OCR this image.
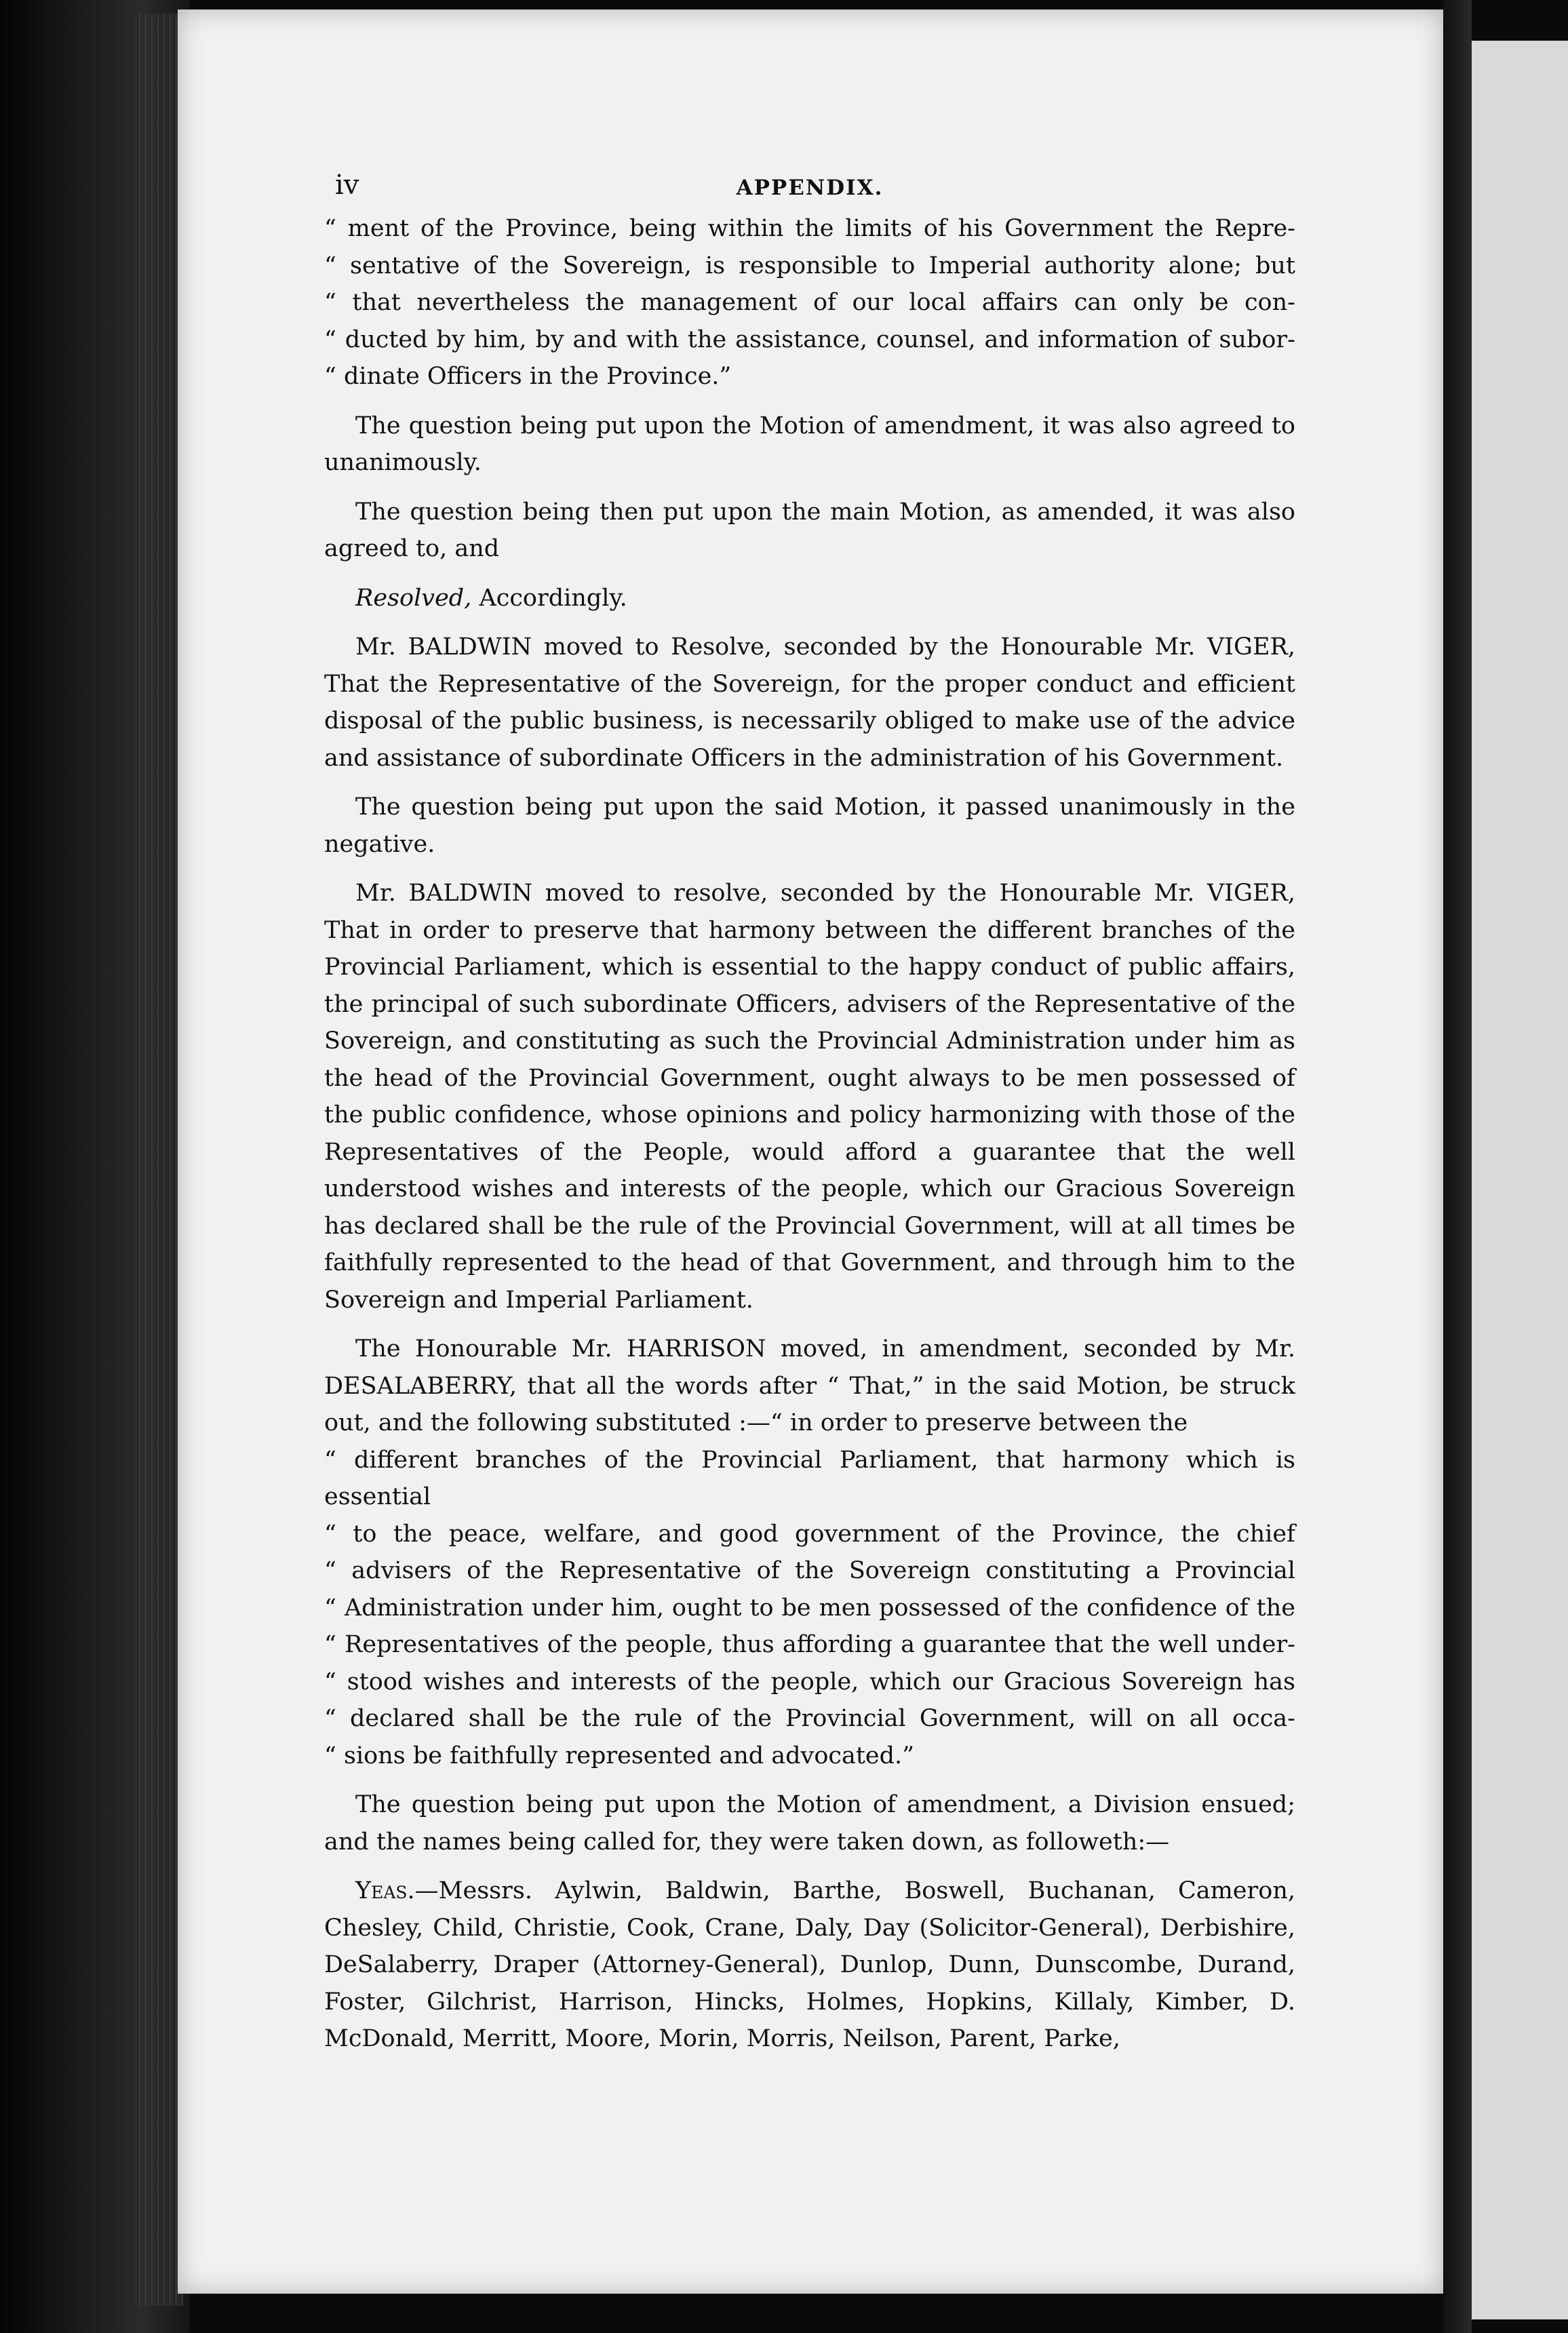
iv	APPENDIX.
“ ment of the Province, being within the limits of his Government the Repre-
“ sentative of the Sovereign, is responsible to Imperial authority alone; but
“ that nevertheless the management of our local affairs can only be con-
“ ducted by him, by and with the assistance, counsel, and information of subor-
“ dinate Officers in the Province.”

The question being put upon the Motion of amendment, it was also agreed to unanimously.

The question being then put upon the main Motion, as amended, it was also agreed to, and

Resolved, Accordingly.

Mr. BALDWIN moved to Resolve, seconded by the Honourable Mr. VIGER, That the Representative of the Sovereign, for the proper conduct and efficient disposal of the public business, is necessarily obliged to make use of the advice and assistance of subordinate Officers in the administration of his Government.

The question being put upon the said Motion, it passed unanimously in the negative.

Mr. BALDWIN moved to resolve, seconded by the Honourable Mr. VIGER, That in order to preserve that harmony between the different branches of the Provincial Parliament, which is essential to the happy conduct of public affairs, the principal of such subordinate Officers, advisers of the Representative of the Sovereign, and constituting as such the Provincial Administration under him as the head of the Provincial Government, ought always to be men possessed of the public confidence, whose opinions and policy harmonizing with those of the Representatives of the People, would afford a guarantee that the well understood wishes and interests of the people, which our Gracious Sovereign has declared shall be the rule of the Provincial Government, will at all times be faithfully represented to the head of that Government, and through him to the Sovereign and Imperial Parliament.

The Honourable Mr. HARRISON moved, in amendment, seconded by Mr. DESALABERRY, that all the words after “ That,” in the said Motion, be struck out, and the following substituted :—“ in order to preserve between the

“ different branches of the Provincial Parliament, that harmony which is essential
“ to the peace, welfare, and good government of the Province, the chief
“ advisers of the Representative of the Sovereign constituting a Provincial
“ Administration under him, ought to be men possessed of the confidence of the
“ Representatives of the people, thus affording a guarantee that the well under-
“ stood wishes and interests of the people, which our Gracious Sovereign has
“ declared shall be the rule of the Provincial Government, will on all occa-
“ sions be faithfully represented and advocated.”

The question being put upon the Motion of amendment, a Division ensued; and the names being called for, they were taken down, as followeth:—

Yeas.—Messrs. Aylwin, Baldwin, Barthe, Boswell, Buchanan, Cameron, Chesley, Child, Christie, Cook, Crane, Daly, Day (Solicitor-General), Derbishire, DeSalaberry, Draper (Attorney-General), Dunlop, Dunn, Dunscombe, Durand, Foster, Gilchrist, Harrison, Hincks, Holmes, Hopkins, Killaly, Kimber, D. McDonald, Merritt, Moore, Morin, Morris, Neilson, Parent, Parke,
